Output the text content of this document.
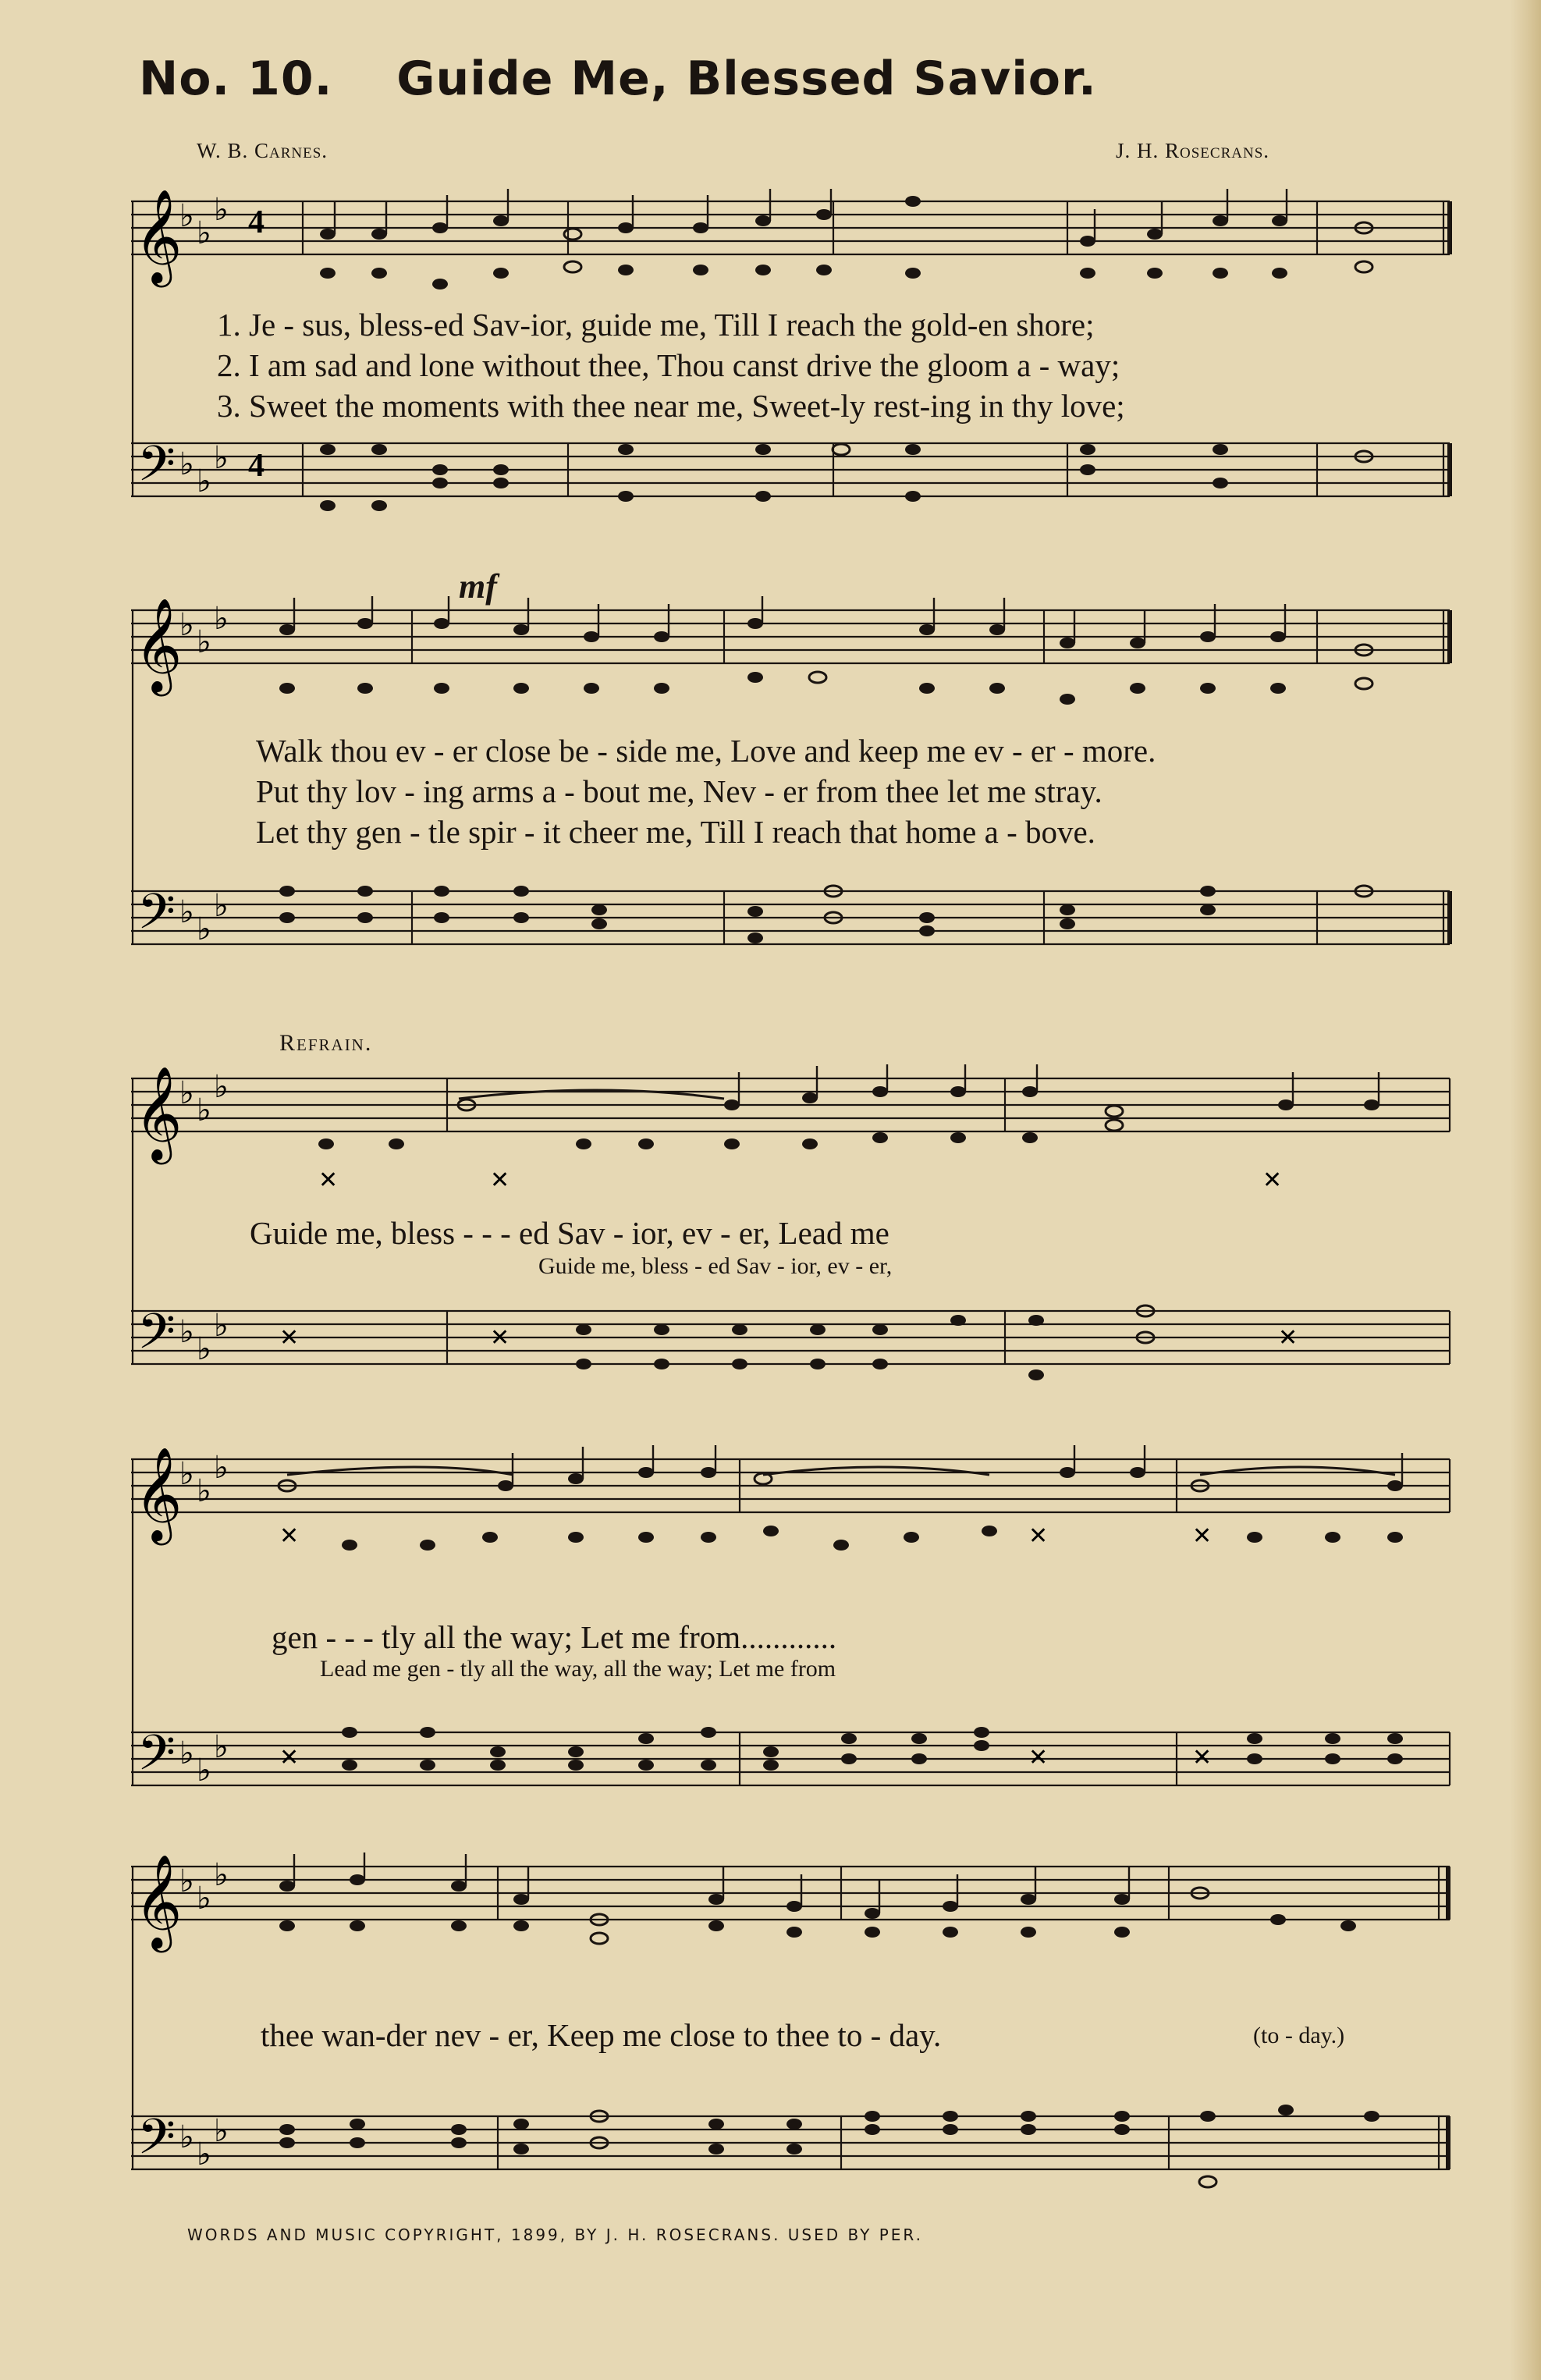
No. 10. Guide Me, Blessed Savior.
W. B. Carnes.	J. H. Rosecrans.
𝄞
𝄢
♭ ♭
♭
♭ ♭
♭
4
4
1. Je - sus, bless-ed Sav-ior, guide me, Till I reach the gold-en shore;
2. I am sad and lone without thee, Thou canst drive the gloom a - way;
3. Sweet the moments with thee near me, Sweet-ly rest-ing in thy love;
𝄞
𝄢
♭ ♭
♭
♭ ♭
♭
mf
Walk thou ev - er close be - side me, Love and keep me ev - er - more.
Put thy lov - ing arms a - bout me, Nev - er from thee let me stray.
Let thy gen - tle spir - it cheer me, Till I reach that home a - bove.
Refrain.
𝄞
𝄢
♭ ♭
♭
♭ ♭
♭
✕	✕	✕
✕	✕	✕
Guide me, bless - - - ed Sav - ior, ev - er, Lead me
Guide me, bless - ed Sav - ior, ev - er,
𝄞
𝄢
♭ ♭
♭
♭ ♭
♭
✕	✕	✕
✕	✕	✕
gen - - - tly all the way; Let me from............
Lead me gen - tly all the way, all the way; Let me from
𝄞
𝄢
♭ ♭
♭
♭ ♭
♭
thee wan-der nev - er, Keep me close to thee to - day.	(to - day.)
WORDS AND MUSIC COPYRIGHT, 1899, BY J. H. ROSECRANS. USED BY PER.
